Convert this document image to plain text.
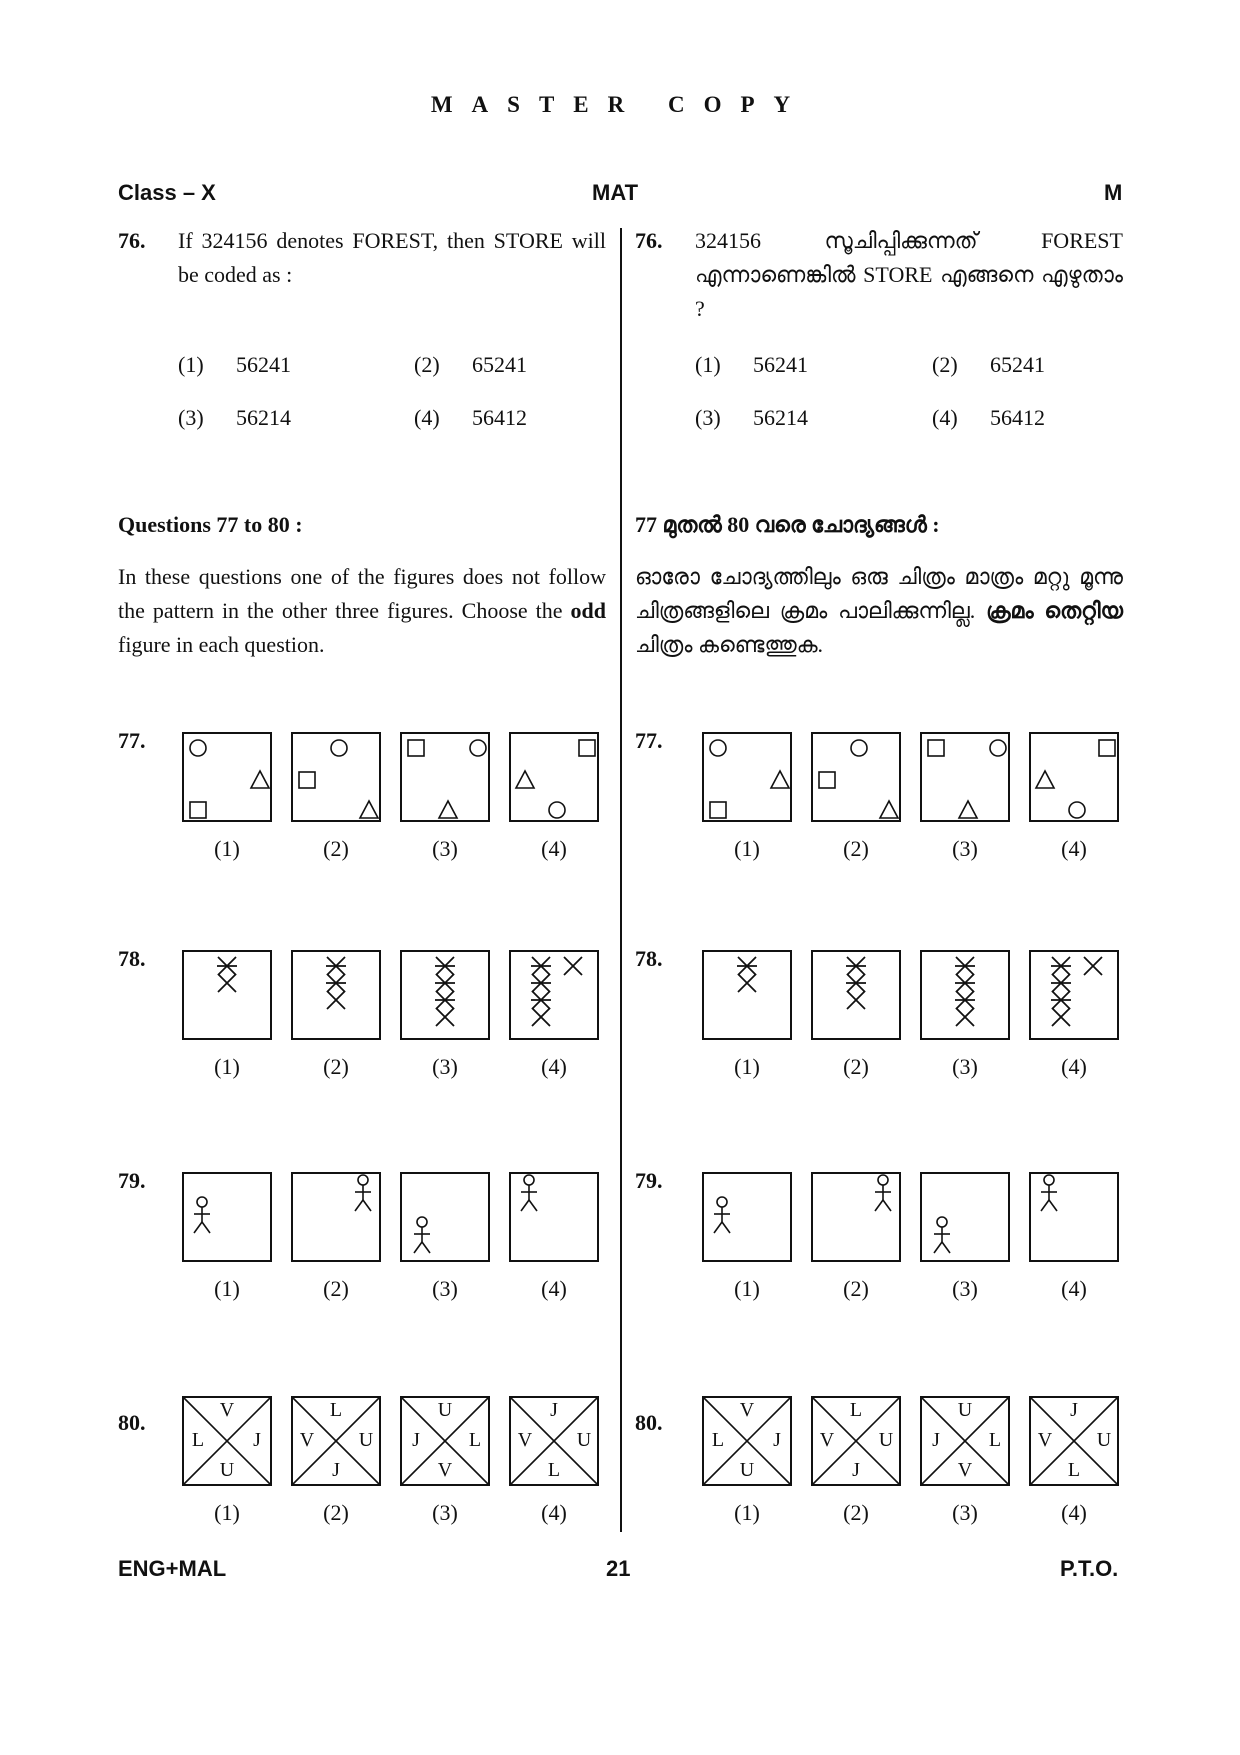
MASTER COPY
Class – X	MAT	M
76. If 324156 denotes FOREST, then STORE will be coded as :
(1) 56241	(2) 65241
(3) 56214	(4) 56412
76. 324156 സൂചിപ്പിക്കുന്നത് FOREST എന്നാണെങ്കിൽ STORE എങ്ങനെ എഴുതാം ?
(1) 56241	(2) 65241
(3) 56214	(4) 56412
Questions 77 to 80 :	77 മുതൽ 80 വരെ ചോദ്യങ്ങൾ :
In these questions one of the figures does not follow the pattern in the other three figures. Choose the odd figure in each question.
ഓരോ ചോദ്യത്തിലും ഒരു ചിത്രം മാത്രം മറ്റു മൂന്നു ചിത്രങ്ങളിലെ ക്രമം പാലിക്കുന്നില്ല. ക്രമം തെറ്റിയ ചിത്രം കണ്ടെത്തുക.
77.
(1)	(2)	(3)	(4)
78.
(1)	(2)	(3)	(4)
79.
(1)	(2)	(3)	(4)
80.	V
L J
U
(1)
L
V U
J
(2)
U
J L
V
(3)
J
V U
L
(4)
77.
(1)	(2)	(3)	(4)
78.
(1)	(2)	(3)	(4)
79.
(1)	(2)	(3)	(4)
80.	V
L J
U
(1)
L
V U
J
(2)
U
J L
V
(3)
J
V U
L
(4)
ENG+MAL	21	P.T.O.
